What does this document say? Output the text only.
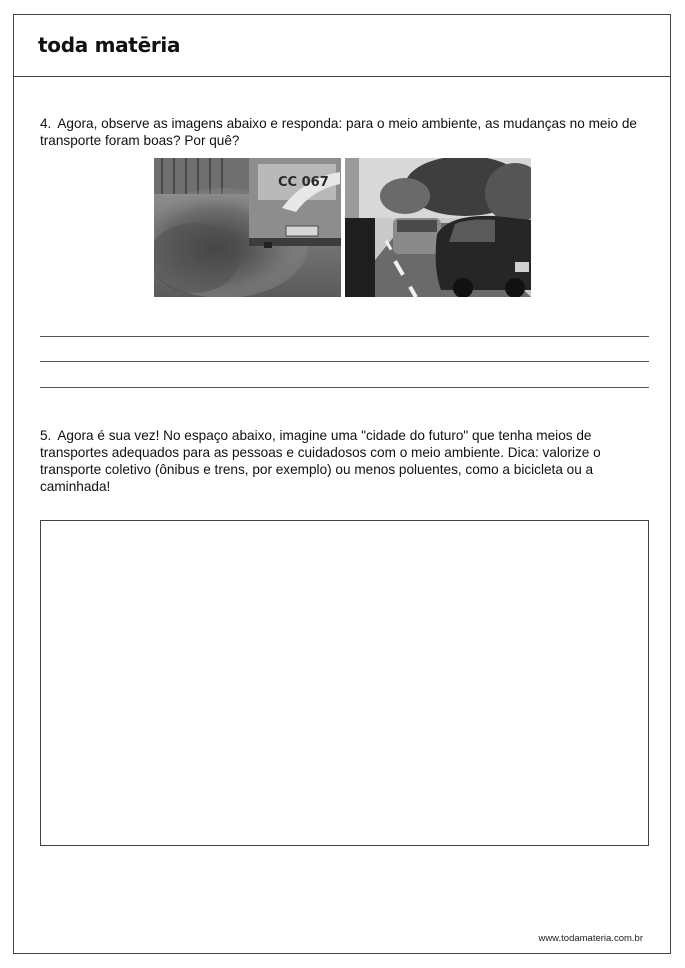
toda matēria
4. Agora, observe as imagens abaixo e responda: para o meio ambiente, as mudanças no meio de transporte foram boas? Por quê?
CC 067
5. Agora é sua vez! No espaço abaixo, imagine uma "cidade do futuro" que tenha meios de transportes adequados para as pessoas e cuidadosos com o meio ambiente. Dica: valorize o transporte coletivo (ônibus e trens, por exemplo) ou menos poluentes, como a bicicleta ou a caminhada!
www.todamateria.com.br
